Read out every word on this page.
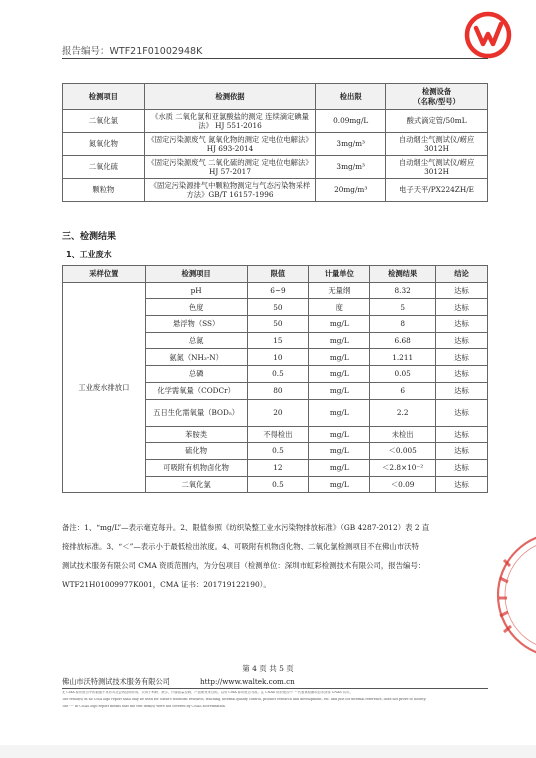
报告编号：WTF21F01002948K
检测项目	检测依据	检出限	检测设备
（名称/型号）
二氧化氯	《水质 二氧化氯和亚氯酸盐的测定 连续滴定碘量法》 HJ 551-2016	0.09mg/L	酸式滴定管/50mL
氮氧化物	《固定污染源废气 氮氧化物的测定 定电位电解法》HJ 693-2014	3mg/m³	自动烟尘气测试仪/崂应 3012H
二氧化硫	《固定污染源废气 二氧化硫的测定 定电位电解法》 HJ 57-2017	3mg/m³	自动烟尘气测试仪/崂应 3012H
颗粒物	《固定污染源排气中颗粒物测定与气态污染物采样方法》GB/T 16157-1996	20mg/m³	电子天平/PX224ZH/E
三、检测结果
1、工业废水
采样位置	检测项目	限值	计量单位	检测结果	结论
工业废水排放口	pH	6~9	无量纲	8.32	达标
	色度	50	度	5	达标
	悬浮物（SS）	50	mg/L	8	达标
	总氮	15	mg/L	6.68	达标
	氨氮（NH₃-N）	10	mg/L	1.211	达标
	总磷	0.5	mg/L	0.05	达标
	化学需氧量（CODCr）	80	mg/L	6	达标
	五日生化需氧量（BOD₅）	20	mg/L	2.2	达标
	苯胺类	不得检出	mg/L	未检出	达标
	硫化物	0.5	mg/L	＜0.005	达标
	可吸附有机物卤化物	12	mg/L	＜2.8×10⁻²	达标
	二氧化氯	0.5	mg/L	＜0.09	达标
备注：1、“mg/L”—表示毫克每升。2、限值参照《纺织染整工业水污染物排放标准》（GB 4287-2012）表 2 直
接排放标准。3、“＜”—表示小于最低检出浓度。4、可吸附有机物卤化物、二氧化氯检测项目不在佛山市沃特
测试技术服务有限公司 CMA 资质范围内，为分包项目（检测单位：深圳市虹彩检测技术有限公司，报告编号：
WTF21H01009977K001，CMA 证书：201719122190）。
第 4 页 共 5 页
佛山市沃特测试技术服务有限公司	http://www.waltek.com.cn
无 CMA 标识报告中的数据不具有对社会的证明作用，仅用于科研、教学、内部质量控制、产品研发等目的。以有 CMA 标识报告为准。注 CNAS 标识报告中“*”代表该检测项目未获得 CNAS 认可。
The result(s) in no CMA logo report shall only be used for client's scientific research, teaching, internal quality control, product research and development, etc. and just for internal reference, does not prove to society.
The "*" in CNAS logo report means that the test item(s) were not covered by CNAS accreditation.
